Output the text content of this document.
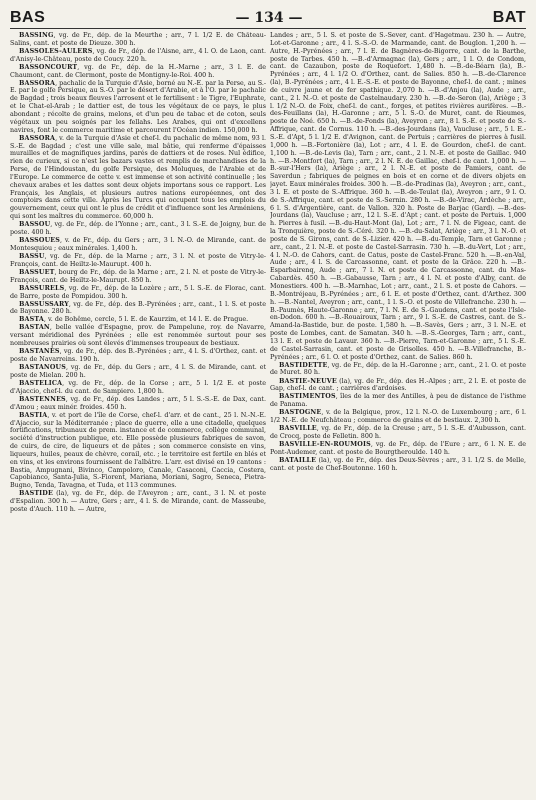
BAS	— 134 —	BAT

BASSING, vg. de Fr., dép. de la Meurthe ; arr., 7 l. 1/2 E. de Château-Salins, cant. et poste de Dieuze. 300 h.

BASSOLES-AULERS, vg. de Fr., dép. de l'Aisne, arr., 4 l. O. de Laon, cant. d'Anisy-le-Château, poste de Coucy. 220 h.

BASSONCOURT, vg. de Fr., dép. de la H.-Marne ; arr., 3 l. E. de Chaumont, cant. de Clermont, poste de Montigny-le-Roi. 400 h.

BASSORA, pachalic de la Turquie d'Asie, borné au N.-E. par la Perse, au S.-E. par le golfe Persique, au S.-O. par le désert d'Arabie, et à l'O. par le pachalic de Bagdad ; trois beaux fleuves l'arrosent et le fertilisent : le Tigre, l'Euphrate, et le Chat-el-Arab ; le dattier est, de tous les végétaux de ce pays, le plus abondant ; récolte de grains, melons, et d'un peu de tabac et de coton, seuls végétaux un peu soignés par les fellahs. Les Arabes, qui ont d'excellens navires, font le commerce maritime et parcourent l'Océan indien. 150,000 h.

BASSORA, v. de la Turquie d'Asie et chef-l. du pachalic de même nom, 93 l. S.-E. de Bagdad ; c'est une ville sale, mal bâtie, qui renferme d'épaisses murailles et de magnifiques jardins, parés de dattiers et de roses. Nul édifice, rien de curieux, si ce n'est les bazars vastes et remplis de marchandises de la Perse, de l'Hindoustan, du golfe Persique, des Moluques, de l'Arabie et de l'Europe. Le commerce de cette v. est immense et son activité continuelle ; les chevaux arabes et les dattes sont deux objets importans sous ce rapport. Les Français, les Anglais, et plusieurs autres nations européennes, ont des comptoirs dans cette ville. Après les Turcs qui occupent tous les emplois du gouvernement, ceux qui ont le plus de crédit et d'influence sont les Arméniens, qui sont les maîtres du commerce. 60,000 h.

BASSOU, vg. de Fr., dép. de l'Yonne ; arr., cant., 3 l. S.-E. de Joigny, bur. de poste. 400 h.

BASSOUES, v. de Fr., dép. du Gers ; arr., 3 l. N.-O. de Mirande, cant. de Montesquiou ; eaux minérales. 1,400 h.

BASSU, vg. de Fr., dép. de la Marne ; arr., 3 l. N. et poste de Vitry-le-François, cant. de Heiltz-le-Maurupt. 400 h.

BASSUET, bourg de Fr., dép. de la Marne ; arr., 2 l. N. et poste de Vitry-le-François, cant. de Heiltz-le-Maurupt. 850 h.

BASSURELS, vg. de Fr., dép. de la Lozère ; arr., 5 l. S.-E. de Florac, cant. de Barre, poste de Pompidou. 300 h.

BASSUSSARY, vg. de Fr., dép. des B.-Pyrénées ; arr., cant., 1 l. S. et poste de Bayonne. 280 h.

BASTA, v. de Bohême, cercle, 5 l. E. de Kaurzim, et 14 l. E. de Prague.

BASTAN, belle vallée d'Espagne, prov. de Pampelune, roy. de Navarre, versant méridional des Pyrénées ; elle est renommée surtout pour ses nombreuses prairies où sont élevés d'immenses troupeaux de bestiaux.

BASTANÈS, vg. de Fr., dép. des B.-Pyrénées ; arr., 4 l. S. d'Orthez, cant. et poste de Navarreins. 190 h.

BASTANOUS, vg. de Fr., dép. du Gers ; arr., 4 l. S. de Mirande, cant. et poste de Mielan. 200 h.

BASTELICA, vg. de Fr., dép. de la Corse ; arr., 5 l. 1/2 E. et poste d'Ajaccio, chef-l. du cant. de Sampiero. 1,800 h.

BASTENNES, vg. de Fr., dép. des Landes ; arr., 5 l. S.-S.-E. de Dax, cant. d'Amou ; eaux minér. froides. 450 h.

BASTIA, v. et port de l'île de Corse, chef-l. d'arr. et de cant., 25 l. N.-N.-E. d'Ajaccio, sur la Méditerranée ; place de guerre, elle a une citadelle, quelques fortifications, tribunaux de prem. instance et de commerce, collège communal, société d'instruction publique, etc. Elle possède plusieurs fabriques de savon, de cuirs, de cire, de liqueurs et de pâtes ; son commerce consiste en vins, liqueurs, huiles, peaux de chèvre, corail, etc. ; le territoire est fertile en blés et en vins, et les environs fournissent de l'albâtre. L'arr. est divisé en 19 cantons : Bastia, Ampugnani, Bivinco, Campoloro, Canale, Casaconi, Caccia, Costera, Capobianco, Santa-Julia, S.-Fiorent, Mariana, Moriani, Sagro, Seneca, Pietra-Bugno, Tenda, Tavagna, et Tuda, et 113 communes.

BASTIDE (la), vg. de Fr., dép. de l'Aveyron ; arr., cant., 3 l. N. et poste d'Espalion. 300 h. — Autre, Gers ; arr., 4 l. S. de Mirande, cant. de Masseube, poste d'Auch. 110 h. — Autre,

Landes ; arr., 5 l. S. et poste de S.-Sever, cant. d'Hagetmau. 230 h. — Autre, Lot-et-Garonne ; arr., 4 l. S.-S.-O. de Marmande, cant. de Bouglon. 1,200 h. — Autre, H.-Pyrénées ; arr., 7 l. E. de Bagnères-de-Bigorre, cant. de la Barthe, poste de Tarbes. 450 h. —B.-d'Armagnac (la), Gers ; arr., 1 l. O. de Condom, cant. de Cazaubon, poste de Roquefort. 1,480 h. —B.-de-Béarn (la), B.-Pyrénées ; arr., 4 l. 1/2 O. d'Orthez, cant. de Salies. 850 h. —B.-de-Clarence (la), B.-Pyrénées ; arr., 4 l. E.-S.-E. et poste de Bayonne, chef-l. de cant. ; mines de cuivre jaune et de fer spathique. 2,070 h. —B.-d'Anjou (la), Aude ; arr., cant., 2 l. N.-O. et poste de Castelnaudary. 230 h. —B.-de-Seron (la), Ariège ; 3 l. 1/2 N.-O. de Foix, chef-l. de cant., forges, et petites rivières aurifères. —B.-des-Feuillans (la), H.-Garonne ; arr., 5 l. S.-O. de Muret, cant. de Rieumes, poste de Noé. 650 h. —B.-de-Fonds (la), Aveyron ; arr., 8 l. S.-E. et poste de S.-Affrique, cant. de Cornus. 110 h. —B.-des-Jourdans (la), Vaucluse ; arr., 5 l. E.-S.-E. d'Apt, 5 l. 1/2 E. d'Avignon, cant. de Pertuis ; carrières de pierres à fusil. 1,000 h. —B.-Fortonière (la), Lot ; arr., 4 l. E. de Gourdon, chef-l. de cant. 1,100 h. —B.-de-Levis (la), Tarn ; arr., cant., 2 l. N.-E. et poste de Gaillac. 940 h. —B.-Montfort (la), Tarn ; arr., 2 l. N. E. de Gaillac, chef-l. de cant. 1,000 h. —B.-sur-l'Hers (la), Ariège ; arr., 2 l. N.-E. et poste de Pamiers, cant. de Saverdun ; fabriques de peignes en bois et en corne et de divers objets en jayet. Eaux minérales froides. 300 h. —B.-de-Pradinas (la), Aveyron ; arr., cant., 3 l. E. et poste de S.-Affrique. 360 h. —B.-de-Teulat (la), Aveyron ; arr., 9 l. O. de S.-Affrique, cant. et poste de S.-Sernin. 280 h. —B.-de-Virac, Ardèche ; arr., 6 l. S. d'Argentière, cant. de Vallon. 320 h. Poste de Barjac (Gard). —B.-des-Jourdans (la), Vaucluse ; arr., 12 l. S.-E. d'Apt ; cant. et poste de Pertuis. 1,000 h. Pierres à fusil. —B.-du-Haut-Mont (la), Lot ; arr., 7 l. N. de Figeac, cant. de la Tronquière, poste de S.-Céré. 320 h. —B.-du-Salat, Ariège ; arr., 3 l. N.-O. et poste de S. Girons, cant. de S.-Lizier. 420 h. —B.-du-Temple, Tarn et Garonne ; arr., cant., 2 l. N.-E. et poste de Castel-Sarrasin. 730 h. —B.-du-Vert, Lot ; arr., 4 l. N.-O. de Cahors, cant. de Catus, poste de Castel-Franc. 520 h. —B.-en-Val, Aude ; arr., 4 l. S. de Carcassonne, cant. et poste de la Grâce. 220 h. —B.-Esparbairenq, Aude ; arr., 7 l. N. et poste de Carcassonne, cant. du Mas-Cabardès. 450 h. —B.-Gabausse, Tarn ; arr., 4 l. N. et poste d'Alby, cant. de Monestiers. 400 h. —B.-Marnhac, Lot ; arr., cant., 2 l. S. et poste de Cahors. —B.-Montréjeau, B.-Pyrénées ; arr., 6 l. E. et poste d'Orthez, cant. d'Arthez. 300 h. —B.-Nantel, Aveyron ; arr., cant., 1 l. S.-O. et poste de Villefranche. 230 h. —B.-Paumès, Haute-Garonne ; arr., 7 l. N. E. de S.-Gaudens, cant. et poste l'Isle-en-Dodon. 600 h. —B.-Rouairoux, Tarn ; arr., 9 l. S.-E. de Castres, cant. de S.-Amand-la-Bastide, bur. de poste. 1,580 h. —B.-Savès, Gers ; arr., 3 l. N.-E. et poste de Lombes, cant. de Samatan. 340 h. —B.-S.-Georges, Tarn ; arr., cant., 13 l. E. et poste de Lavaur. 360 h. —B.-Pierre, Tarn-et-Garonne ; arr., 5 l. S.-E. de Castel-Sarrasin, cant. et poste de Grisolles. 450 h. —B.-Villefranche, B.-Pyrénées ; arr., 6 l. O. et poste d'Orthez, cant. de Salies. 860 h.

BASTIDETTE, vg. de Fr., dép. de la H.-Garonne ; arr., cant., 2 l. O. et poste de Muret. 80 h.

BASTIE-NEUVE (la), vg. de Fr., dép. des H.-Alpes ; arr., 2 l. E. et poste de Gap, chef-l. de cant. ; carrières d'ardoises.

BASTIMENTOS, îles de la mer des Antilles, à peu de distance de l'isthme de Panama.

BASTOGNE, v. de la Belgique, prov., 12 l. N.-O. de Luxembourg ; arr., 6 l. 1/2 N.-E. de Neufchâteau ; commerce de grains et de bestiaux. 2,300 h.

BASVILLE, vg. de Fr., dép. de la Creuse ; arr., 5 l. S.-E. d'Aubusson, cant. de Crocq, poste de Felletin. 800 h.

BASVILLE-EN-ROUMOIS, vg. de Fr., dép. de l'Eure ; arr., 6 l. N. E. de Pont-Audemer, cant. et poste de Bourgtheroulde. 140 h.

BATAILLE (la), vg. de Fr., dép. des Deux-Sèvres ; arr., 3 l. 1/2 S. de Melle, cant. et poste de Chef-Boutonne. 160 h.
